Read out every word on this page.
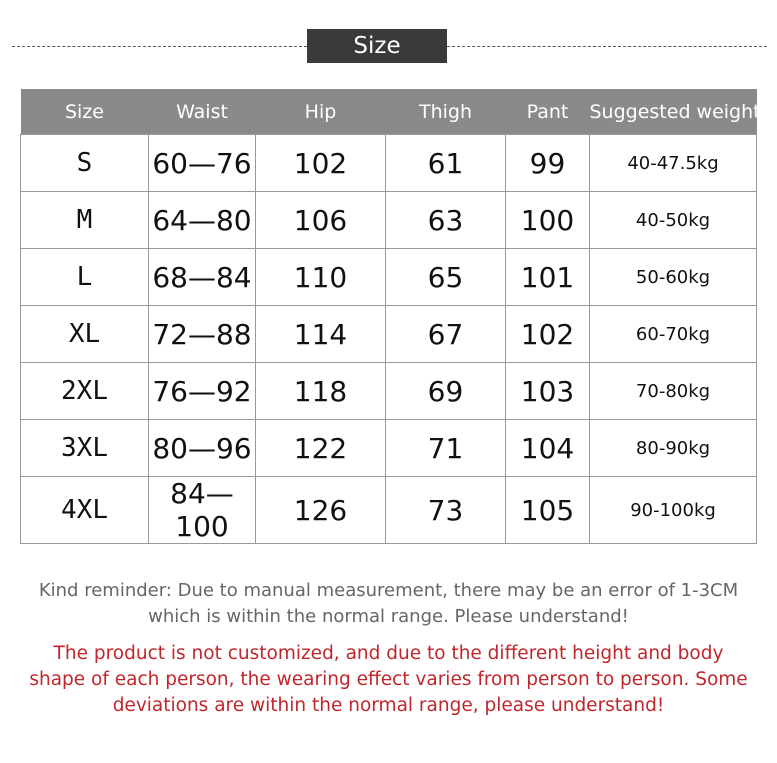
Size
Size	Waist	Hip	Thigh	Pant	Suggested weight
S	60—76	102	61	99	40-47.5kg
M	64—80	106	63	100	40-50kg
L	68—84	110	65	101	50-60kg
XL	72—88	114	67	102	60-70kg
2XL	76—92	118	69	103	70-80kg
3XL	80—96	122	71	104	80-90kg
4XL	84—100	126	73	105	90-100kg
Kind reminder: Due to manual measurement, there may be an error of 1-3CM
which is within the normal range. Please understand!
The product is not customized, and due to the different height and body
shape of each person, the wearing effect varies from person to person. Some
deviations are within the normal range, please understand!
